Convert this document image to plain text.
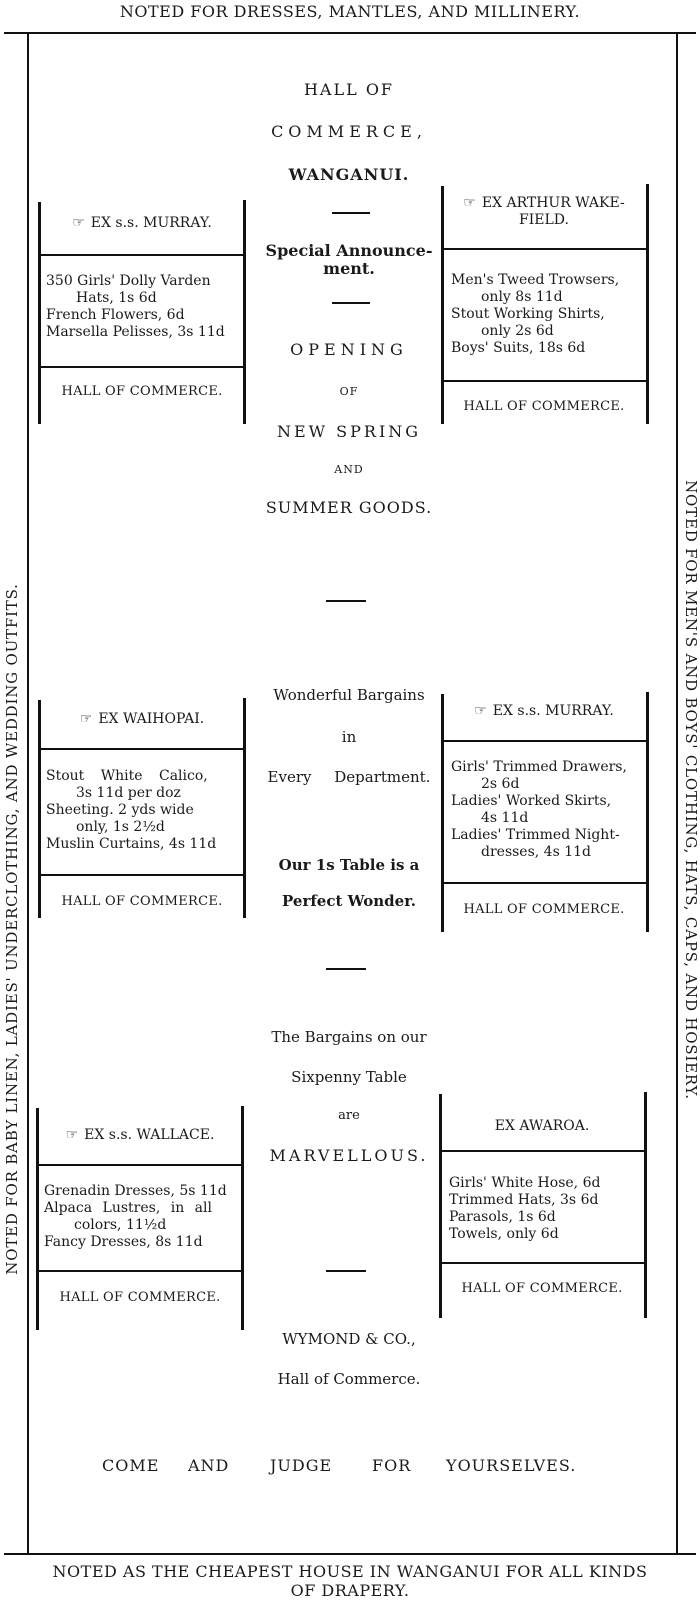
NOTED FOR DRESSES, MANTLES, AND MILLINERY.
NOTED FOR BABY LINEN, LADIES' UNDERCLOTHING, AND WEDDING OUTFITS.	NOTED FOR MEN'S AND BOYS' CLOTHING, HATS, CAPS, AND HOSIERY.
NOTED AS THE CHEAPEST HOUSE IN WANGANUI FOR ALL KINDS
OF DRAPERY.
HALL OF
COMMERCE,
WANGANUI.
Special Announce-
ment.
OPENING
OF
NEW SPRING
AND
SUMMER GOODS.
Wonderful Bargains
in
Every Department.
Our 1s Table is a
Perfect Wonder.
The Bargains on our
Sixpenny Table
are
MARVELLOUS.
WYMOND & CO.,
Hall of Commerce.
COME AND	JUDGE FOR YOURSELVES.
☞ EX s.s. MURRAY.
350 Girls' Dolly Varden
Hats, 1s 6d
French Flowers, 6d
Marsella Pelisses, 3s 11d
HALL OF COMMERCE.
☞ EX ARTHUR WAKE-
FIELD.
Men's Tweed Trowsers,
only 8s 11d
Stout Working Shirts,
only 2s 6d
Boys' Suits, 18s 6d
HALL OF COMMERCE.
☞ EX WAIHOPAI.
Stout White Calico,
3s 11d per doz
Sheeting. 2 yds wide
only, 1s 2½d
Muslin Curtains, 4s 11d
HALL OF COMMERCE.
☞ EX s.s. MURRAY.
Girls' Trimmed Drawers,
2s 6d
Ladies' Worked Skirts,
4s 11d
Ladies' Trimmed Night-
dresses, 4s 11d
HALL OF COMMERCE.
☞ EX s.s. WALLACE.
Grenadin Dresses, 5s 11d
Alpaca Lustres, in all
colors, 11½d
Fancy Dresses, 8s 11d
HALL OF COMMERCE.
EX AWAROA.
Girls' White Hose, 6d
Trimmed Hats, 3s 6d
Parasols, 1s 6d
Towels, only 6d
HALL OF COMMERCE.
